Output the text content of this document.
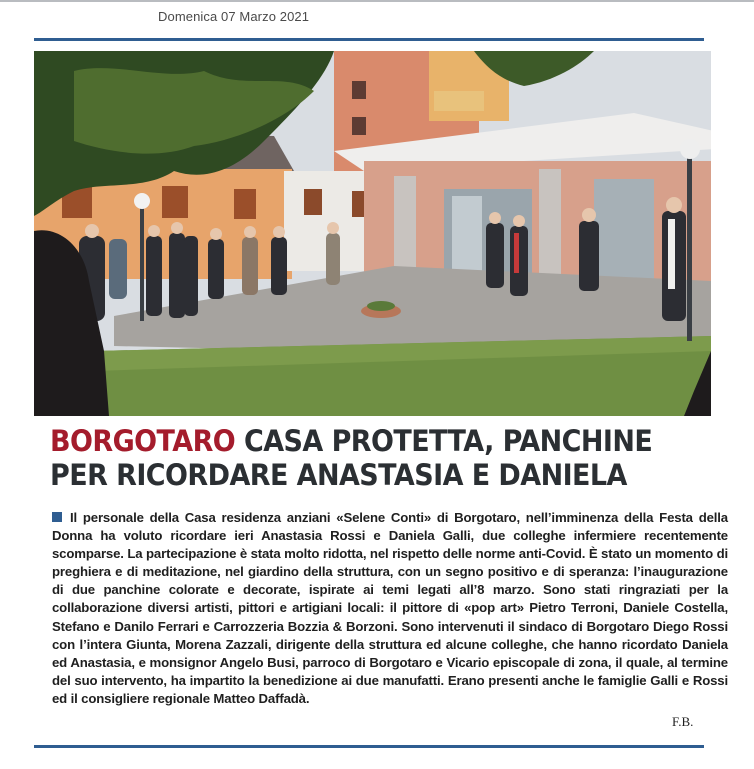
Domenica 07 Marzo 2021
BORGOTARO CASA PROTETTA, PANCHINE
PER RICORDARE ANASTASIA E DANIELA
Il personale della Casa residenza anziani «Selene Conti» di Borgotaro, nell’imminenza della Festa della Donna ha voluto ricordare ieri Anastasia Rossi e Daniela Galli, due colleghe infermiere recentemente scomparse. La partecipazione è stata molto ridotta, nel rispetto delle norme anti-Covid. È stato un momento di preghiera e di meditazione, nel giardino della struttura, con un segno positivo e di speranza: l’inaugurazione di due panchine colorate e decorate, ispirate ai temi legati all’8 marzo. Sono stati ringraziati per la collaborazione diversi artisti, pittori e artigiani locali: il pittore di «pop art» Pietro Terroni, Daniele Costella, Stefano e Danilo Ferrari e Carrozzeria Bozzia & Borzoni. Sono intervenuti il sindaco di Borgotaro Diego Rossi con l’intera Giunta, Morena Zazzali, dirigente della struttura ed alcune colleghe, che hanno ricordato Daniela ed Anastasia, e monsignor Angelo Busi, parroco di Borgotaro e Vicario episcopale di zona, il quale, al termine del suo intervento, ha impartito la benedizione ai due manufatti. Erano presenti anche le famiglie Galli e Rossi ed il consigliere regionale Matteo Daffadà.
F.B.
